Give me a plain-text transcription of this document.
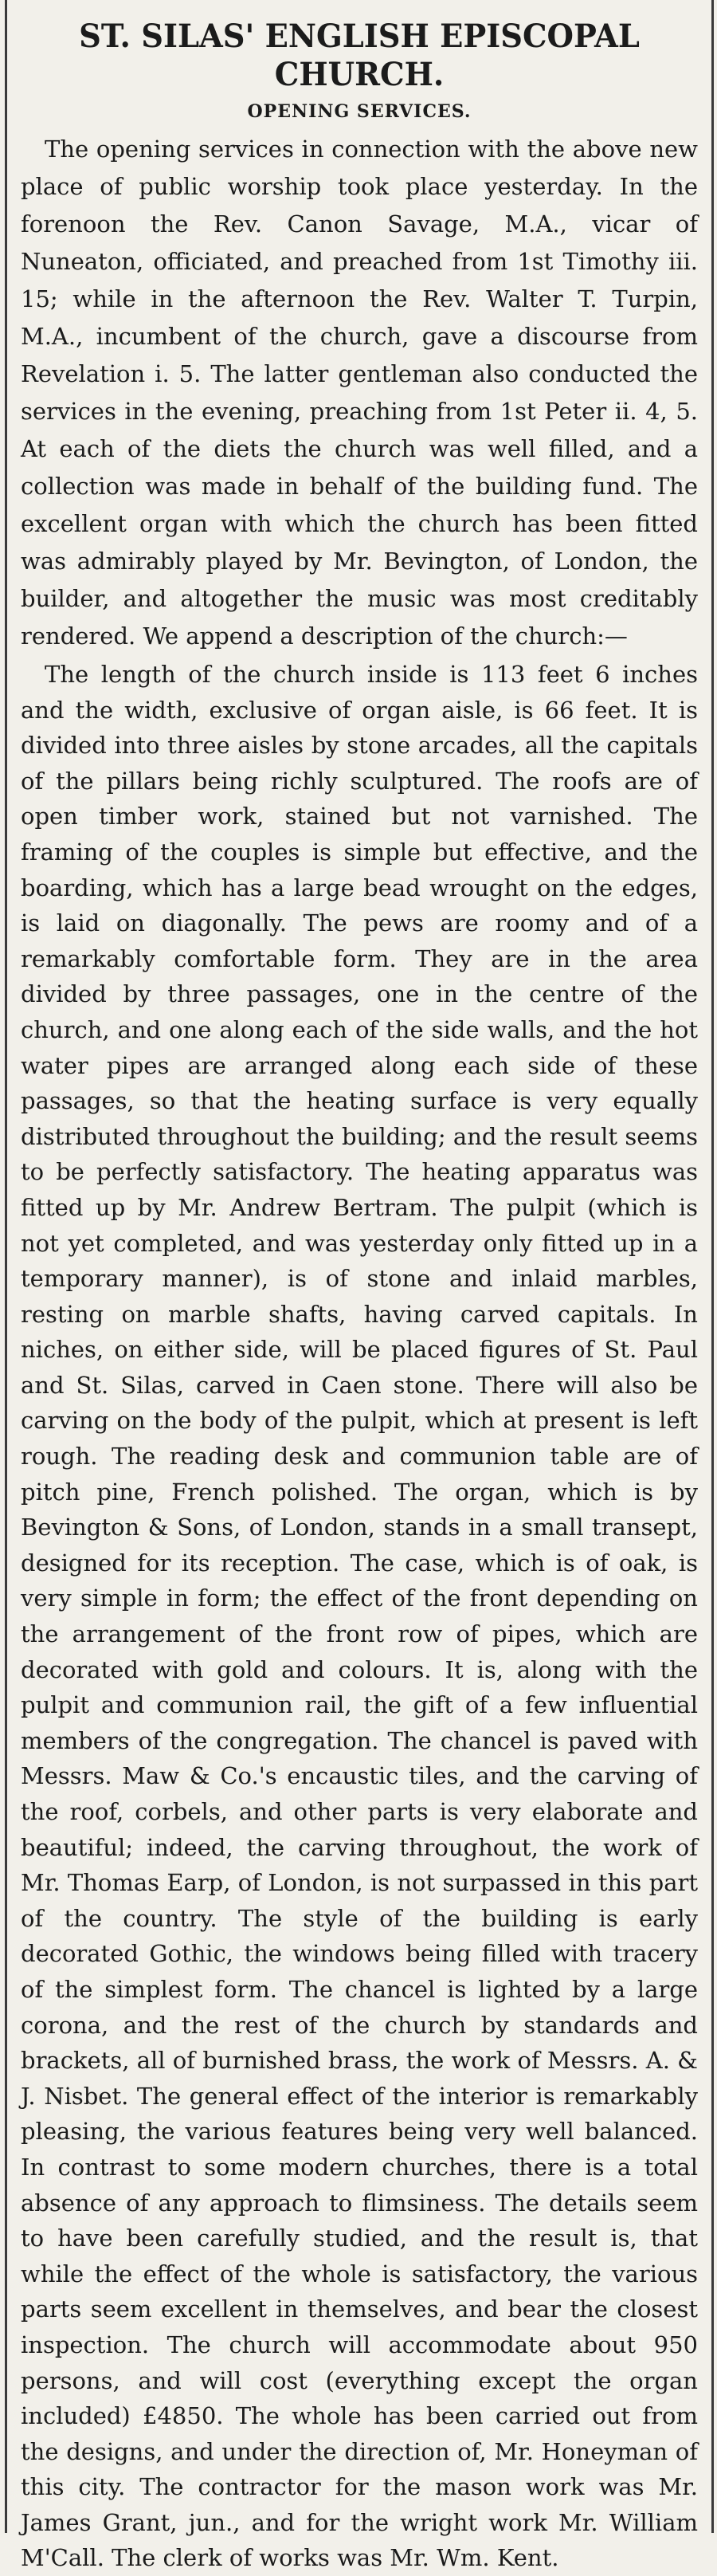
ST. SILAS' ENGLISH EPISCOPAL CHURCH.
OPENING SERVICES.

The opening services in connection with the above new place of public worship took place yesterday. In the forenoon the Rev. Canon Savage, M.A., vicar of Nuneaton, officiated, and preached from 1st Timothy iii. 15; while in the afternoon the Rev. Walter T. Turpin, M.A., incumbent of the church, gave a discourse from Revelation i. 5. The latter gentleman also conducted the services in the evening, preaching from 1st Peter ii. 4, 5. At each of the diets the church was well filled, and a collection was made in behalf of the building fund. The excellent organ with which the church has been fitted was admirably played by Mr. Bevington, of London, the builder, and altogether the music was most creditably rendered. We append a description of the church:—

The length of the church inside is 113 feet 6 inches and the width, exclusive of organ aisle, is 66 feet. It is divided into three aisles by stone arcades, all the capitals of the pillars being richly sculptured. The roofs are of open timber work, stained but not varnished. The framing of the couples is simple but effective, and the boarding, which has a large bead wrought on the edges, is laid on diagonally. The pews are roomy and of a remarkably comfortable form. They are in the area divided by three passages, one in the centre of the church, and one along each of the side walls, and the hot water pipes are arranged along each side of these passages, so that the heating surface is very equally distributed throughout the building; and the result seems to be perfectly satisfactory. The heating apparatus was fitted up by Mr. Andrew Bertram. The pulpit (which is not yet completed, and was yesterday only fitted up in a temporary manner), is of stone and inlaid marbles, resting on marble shafts, having carved capitals. In niches, on either side, will be placed figures of St. Paul and St. Silas, carved in Caen stone. There will also be carving on the body of the pulpit, which at present is left rough. The reading desk and communion table are of pitch pine, French polished. The organ, which is by Bevington & Sons, of London, stands in a small transept, designed for its reception. The case, which is of oak, is very simple in form; the effect of the front depending on the arrangement of the front row of pipes, which are decorated with gold and colours. It is, along with the pulpit and communion rail, the gift of a few influential members of the congregation. The chancel is paved with Messrs. Maw & Co.'s encaustic tiles, and the carving of the roof, corbels, and other parts is very elaborate and beautiful; indeed, the carving throughout, the work of Mr. Thomas Earp, of London, is not surpassed in this part of the country. The style of the building is early decorated Gothic, the windows being filled with tracery of the simplest form. The chancel is lighted by a large corona, and the rest of the church by standards and brackets, all of burnished brass, the work of Messrs. A. & J. Nisbet. The general effect of the interior is remarkably pleasing, the various features being very well balanced. In contrast to some modern churches, there is a total absence of any approach to flimsiness. The details seem to have been carefully studied, and the result is, that while the effect of the whole is satisfactory, the various parts seem excellent in themselves, and bear the closest inspection. The church will accommodate about 950 persons, and will cost (everything except the organ included) £4850. The whole has been carried out from the designs, and under the direction of, Mr. Honeyman of this city. The contractor for the mason work was Mr. James Grant, jun., and for the wright work Mr. William M'Call. The clerk of works was Mr. Wm. Kent.
